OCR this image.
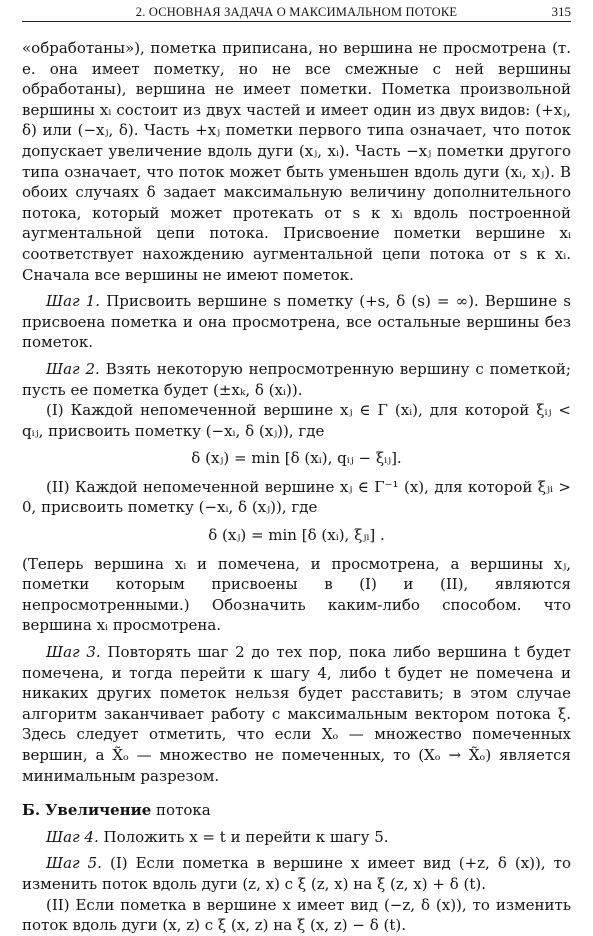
2. ОСНОВНАЯ ЗАДАЧА О МАКСИМАЛЬНОМ ПОТОКЕ	315

«обработаны»), пометка приписана, но вершина не просмотрена (т. е. она имеет пометку, но не все смежные с ней вершины обработаны), вершина не имеет пометки. Пометка произвольной вершины xᵢ состоит из двух частей и имеет один из двух видов: (+xⱼ, δ) или (−xⱼ, δ). Часть +xⱼ пометки первого типа означает, что поток допускает увеличение вдоль дуги (xⱼ, xᵢ). Часть −xⱼ пометки другого типа означает, что поток может быть уменьшен вдоль дуги (xᵢ, xⱼ). В обоих случаях δ задает максимальную величину дополнительного потока, который может протекать от s к xᵢ вдоль построенной аугментальной цепи потока. Присвоение пометки вершине xᵢ соответствует нахождению аугментальной цепи потока от s к xᵢ. Сначала все вершины не имеют пометок.

Шаг 1. Присвоить вершине s пометку (+s, δ (s) = ∞). Вершине s присвоена пометка и она просмотрена, все остальные вершины без пометок.

Шаг 2. Взять некоторую непросмотренную вершину с пометкой; пусть ее пометка будет (±xₖ, δ (xᵢ)).

(I) Каждой непомеченной вершине xⱼ ∈ Γ (xᵢ), для которой ξᵢⱼ < qᵢⱼ, присвоить пометку (−xᵢ, δ (xⱼ)), где

δ (xⱼ) = min [δ (xᵢ), qᵢⱼ − ξᵢⱼ].

(II) Каждой непомеченной вершине xⱼ ∈ Γ⁻¹ (x), для которой ξⱼᵢ > 0, присвоить пометку (−xᵢ, δ (xⱼ)), где

δ (xⱼ) = min [δ (xᵢ), ξⱼᵢ] .

(Теперь вершина xᵢ и помечена, и просмотрена, а вершины xⱼ, пометки которым присвоены в (I) и (II), являются непросмотренными.) Обозначить каким-либо способом. что вершина xᵢ просмотрена.

Шаг 3. Повторять шаг 2 до тех пор, пока либо вершина t будет помечена, и тогда перейти к шагу 4, либо t будет не помечена и никаких других пометок нельзя будет расставить; в этом случае алгоритм заканчивает работу с максимальным вектором потока ξ. Здесь следует отметить, что если Xₒ — множество помеченных вершин, а X̃ₒ — множество не помеченных, то (Xₒ → X̃ₒ) является минимальным разрезом.

Б. Увеличение потока

Шаг 4. Положить x = t и перейти к шагу 5.

Шаг 5. (I) Если пометка в вершине x имеет вид (+z, δ (x)), то изменить поток вдоль дуги (z, x) с ξ (z, x) на ξ (z, x) + δ (t).

(II) Если пометка в вершине x имеет вид (−z, δ (x)), то изменить поток вдоль дуги (x, z) с ξ (x, z) на ξ (x, z) − δ (t).
